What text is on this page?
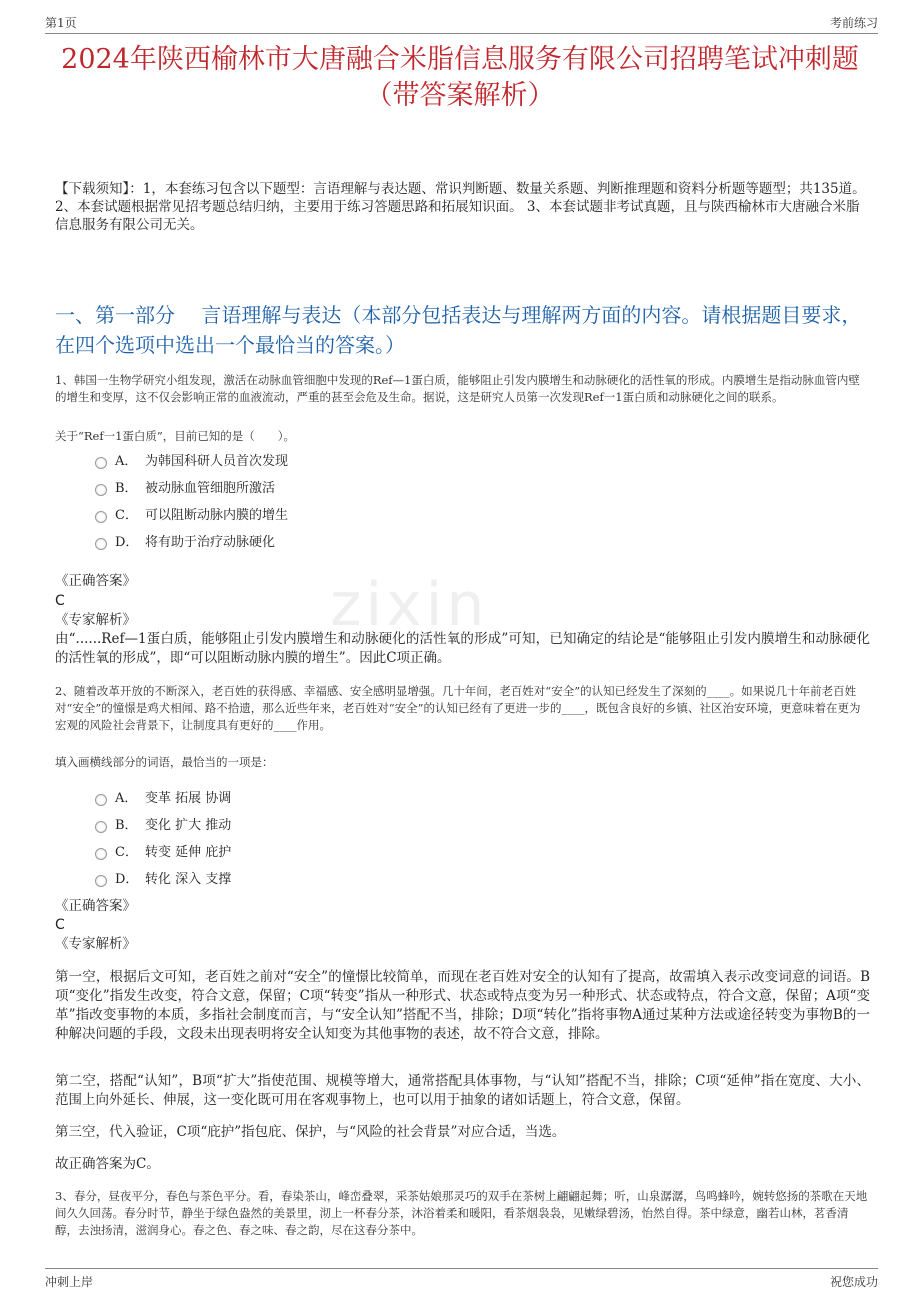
第1页	考前练习
2024年陕西榆林市大唐融合米脂信息服务有限公司招聘笔试冲刺题（带答案解析）
【下载须知】：1，本套练习包含以下题型：言语理解与表达题、常识判断题、数量关系题、判断推理题和资料分析题等题型；共135道。 2、本套试题根据常见招考题总结归纳，主要用于练习答题思路和拓展知识面。 3、本套试题非考试真题，且与陕西榆林市大唐融合米脂信息服务有限公司无关。
一、第一部分　 言语理解与表达（本部分包括表达与理解两方面的内容。请根据题目要求，在四个选项中选出一个最恰当的答案。）
1、韩国一生物学研究小组发现，激活在动脉血管细胞中发现的Ref—1蛋白质，能够阻止引发内膜增生和动脉硬化的活性氧的形成。内膜增生是指动脉血管内壁的增生和变厚，这不仅会影响正常的血液流动，严重的甚至会危及生命。据说，这是研究人员第一次发现Ref一1蛋白质和动脉硬化之间的联系。
关于“Ref一1蛋白质”，目前已知的是（　　）。
A． 为韩国科研人员首次发现
B． 被动脉血管细胞所激活
C． 可以阻断动脉内膜的增生
D． 将有助于治疗动脉硬化
《正确答案》
C
《专家解析》
由“......Ref—1蛋白质，能够阻止引发内膜增生和动脉硬化的活性氧的形成”可知，已知确定的结论是“能够阻止引发内膜增生和动脉硬化的活性氧的形成”，即“可以阻断动脉内膜的增生”。因此C项正确。
zixin
2、随着改革开放的不断深入，老百姓的获得感、幸福感、安全感明显增强。几十年间，老百姓对“安全”的认知已经发生了深刻的____。如果说几十年前老百姓对“安全”的憧憬是鸡犬相闻、路不拾遗，那么近些年来，老百姓对“安全”的认知已经有了更进一步的____，既包含良好的乡镇、社区治安环境，更意味着在更为宏观的风险社会背景下，让制度具有更好的____作用。
填入画横线部分的词语，最恰当的一项是：
A． 变革 拓展 协调
B． 变化 扩大 推动
C． 转变 延伸 庇护
D． 转化 深入 支撑
《正确答案》
C
《专家解析》
第一空，根据后文可知，老百姓之前对“安全”的憧憬比较简单，而现在老百姓对安全的认知有了提高，故需填入表示改变词意的词语。B项“变化”指发生改变，符合文意，保留；C项“转变”指从一种形式、状态或特点变为另一种形式、状态或特点，符合文意，保留；A项“变革”指改变事物的本质，多指社会制度而言，与“安全认知”搭配不当，排除；D项“转化”指将事物A通过某种方法或途径转变为事物B的一种解决问题的手段，文段未出现表明将安全认知变为其他事物的表述，故不符合文意，排除。
第二空，搭配“认知”，B项“扩大”指使范围、规模等增大，通常搭配具体事物，与“认知”搭配不当，排除；C项“延伸”指在宽度、大小、范围上向外延长、伸展，这一变化既可用在客观事物上，也可以用于抽象的诸如话题上，符合文意，保留。
第三空，代入验证，C项“庇护”指包庇、保护，与“风险的社会背景”对应合适，当选。
故正确答案为C。
3、春分，昼夜平分，春色与茶色平分。看，春染茶山，峰峦叠翠，采茶姑娘那灵巧的双手在茶树上翩翩起舞；听，山泉潺潺，鸟鸣蜂吟，婉转悠扬的茶歌在天地间久久回荡。春分时节，静坐于绿色盎然的美景里，沏上一杯春分茶，沐浴着柔和暖阳，看茶烟袅袅，见嫩绿碧汤，怡然自得。茶中绿意，幽若山林，茗香清醇，去浊扬清，滋润身心。春之色、春之味、春之韵，尽在这春分茶中。
冲刺上岸	祝您成功
